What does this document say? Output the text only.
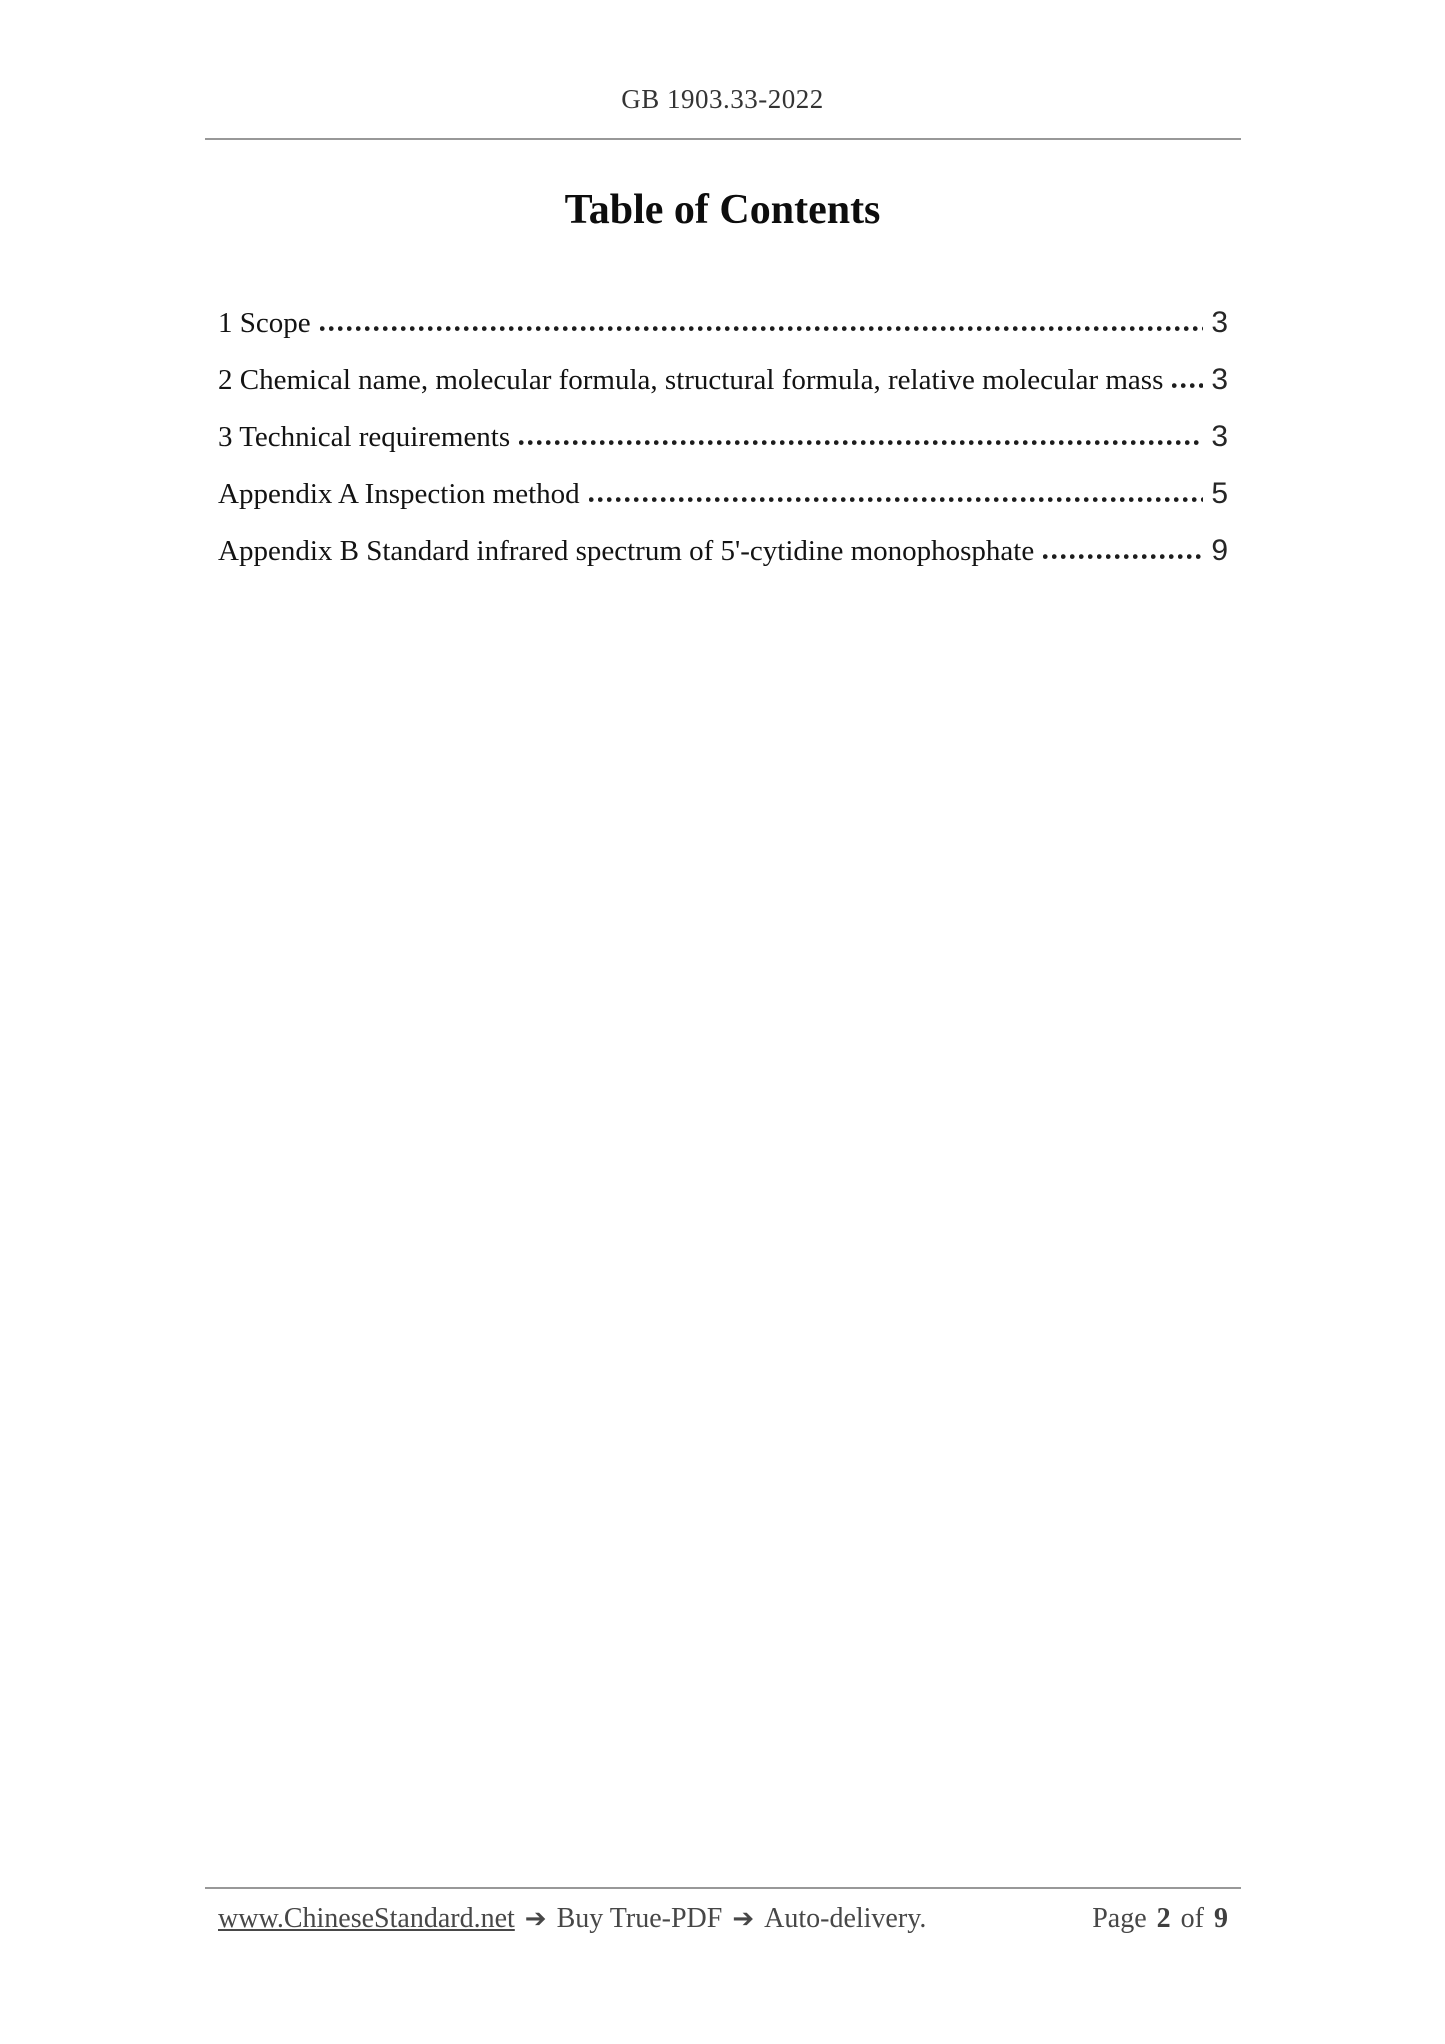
GB 1903.33-2022
Table of Contents
1 Scope	3
2 Chemical name, molecular formula, structural formula, relative molecular mass 3
3 Technical requirements	3
Appendix A Inspection method	5
Appendix B Standard infrared spectrum of 5'-cytidine monophosphate	9
www.ChineseStandard.net ➔ Buy True-PDF ➔ Auto-delivery.	Page 2 of 9
